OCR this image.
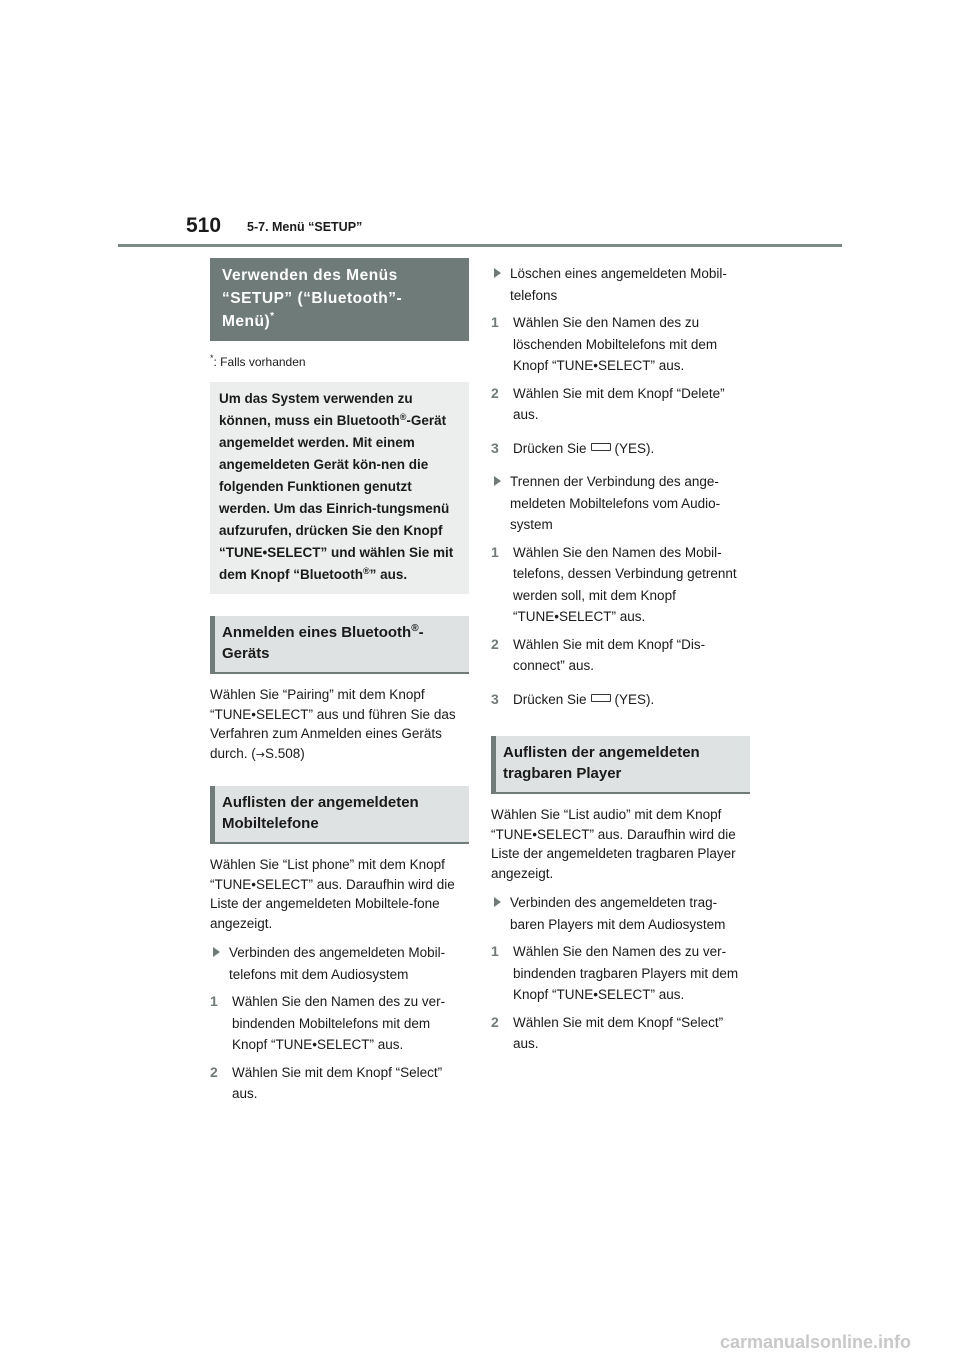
510 5-7. Menü “SETUP”
Verwenden des Menüs
“SETUP” (“Bluetooth”-
Menü)*
*: Falls vorhanden
Um das System verwenden zu können, muss ein Bluetooth®-Gerät angemeldet werden. Mit einem angemeldeten Gerät kön-nen die folgenden Funktionen genutzt werden. Um das Einrich-tungsmenü aufzurufen, drücken Sie den Knopf “TUNE•SELECT” und wählen Sie mit dem Knopf “Bluetooth®” aus.
Anmelden eines Bluetooth®-Geräts

Wählen Sie “Pairing” mit dem Knopf “TUNE•SELECT” aus und führen Sie das Verfahren zum Anmelden eines Geräts durch. (→S.508)

Auflisten der angemeldeten Mobiltelefone

Wählen Sie “List phone” mit dem Knopf “TUNE•SELECT” aus. Daraufhin wird die Liste der angemeldeten Mobiltele-fone angezeigt.

Verbinden des angemeldeten Mobil-telefons mit dem Audiosystem
1 Wählen Sie den Namen des zu ver-bindenden Mobiltelefons mit dem Knopf “TUNE•SELECT” aus.
2 Wählen Sie mit dem Knopf “Select” aus.
Löschen eines angemeldeten Mobil-telefons
1 Wählen Sie den Namen des zu löschenden Mobiltelefons mit dem Knopf “TUNE•SELECT” aus.
2 Wählen Sie mit dem Knopf “Delete” aus.
3 Drücken Sie (YES).
Trennen der Verbindung des ange-meldeten Mobiltelefons vom Audio-system
1 Wählen Sie den Namen des Mobil-telefons, dessen Verbindung getrennt werden soll, mit dem Knopf “TUNE•SELECT” aus.
2 Wählen Sie mit dem Knopf “Dis-connect” aus.
3 Drücken Sie (YES).
Auflisten der angemeldeten tragbaren Player

Wählen Sie “List audio” mit dem Knopf “TUNE•SELECT” aus. Daraufhin wird die Liste der angemeldeten tragbaren Player angezeigt.

Verbinden des angemeldeten trag-baren Players mit dem Audiosystem
1 Wählen Sie den Namen des zu ver-bindenden tragbaren Players mit dem Knopf “TUNE•SELECT” aus.
2 Wählen Sie mit dem Knopf “Select” aus.
carmanualsonline.info
